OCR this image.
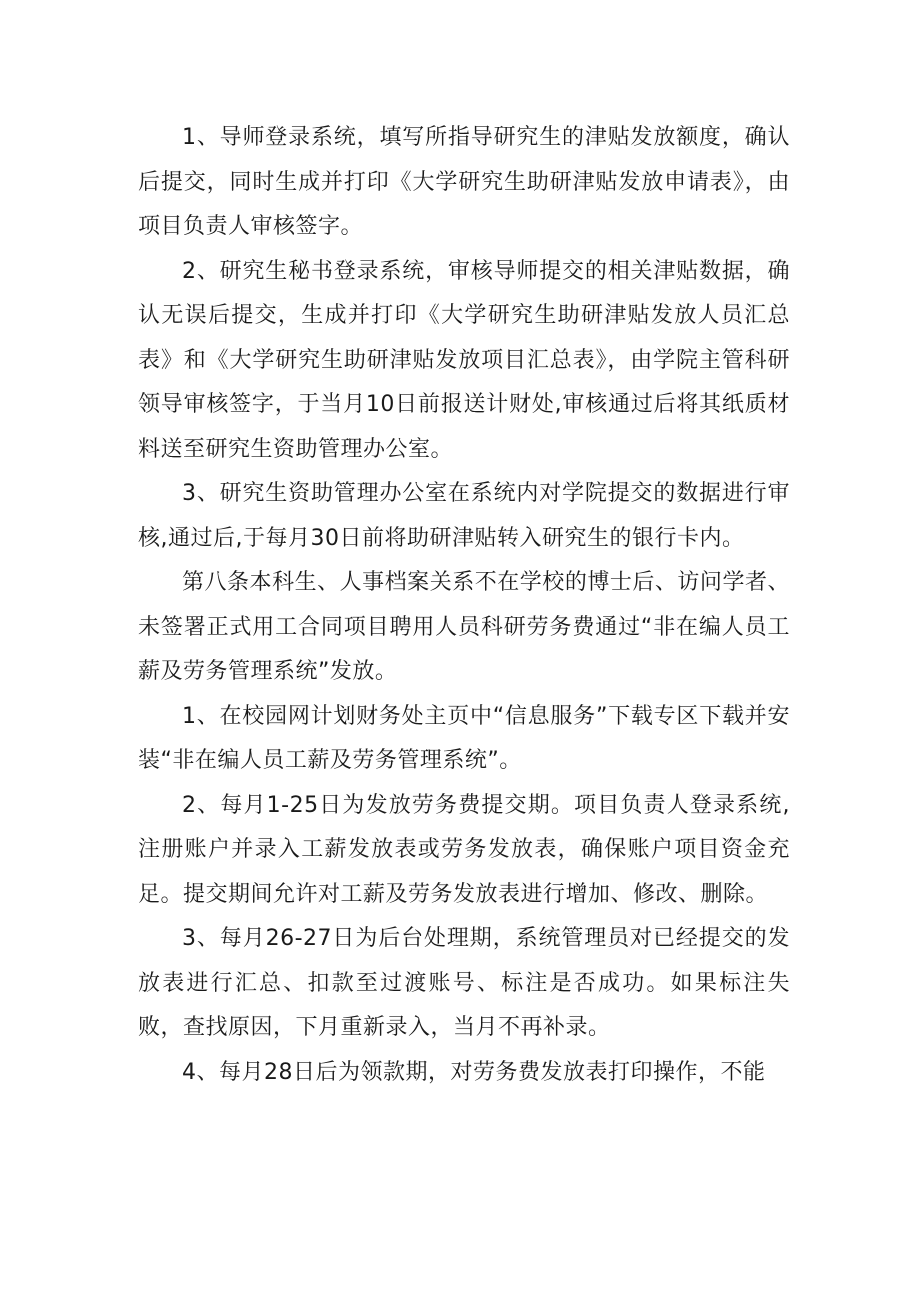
1、导师登录系统，填写所指导研究生的津贴发放额度，确认后提交，同时生成并打印《大学研究生助研津贴发放申请表》，由项目负责人审核签字。

2、研究生秘书登录系统，审核导师提交的相关津贴数据，确认无误后提交，生成并打印《大学研究生助研津贴发放人员汇总表》和《大学研究生助研津贴发放项目汇总表》，由学院主管科研领导审核签字，于当月10日前报送计财处,审核通过后将其纸质材料送至研究生资助管理办公室。

3、研究生资助管理办公室在系统内对学院提交的数据进行审核,通过后,于每月30日前将助研津贴转入研究生的银行卡内。

第八条本科生、人事档案关系不在学校的博士后、访问学者、未签署正式用工合同项目聘用人员科研劳务费通过“非在编人员工薪及劳务管理系统”发放。

1、在校园网计划财务处主页中“信息服务”下载专区下载并安装“非在编人员工薪及劳务管理系统”。

2、每月1-25日为发放劳务费提交期。项目负责人登录系统,注册账户并录入工薪发放表或劳务发放表，确保账户项目资金充足。提交期间允许对工薪及劳务发放表进行增加、修改、删除。

3、每月26-27日为后台处理期，系统管理员对已经提交的发放表进行汇总、扣款至过渡账号、标注是否成功。如果标注失败，查找原因，下月重新录入，当月不再补录。

4、每月28日后为领款期，对劳务费发放表打印操作，不能
